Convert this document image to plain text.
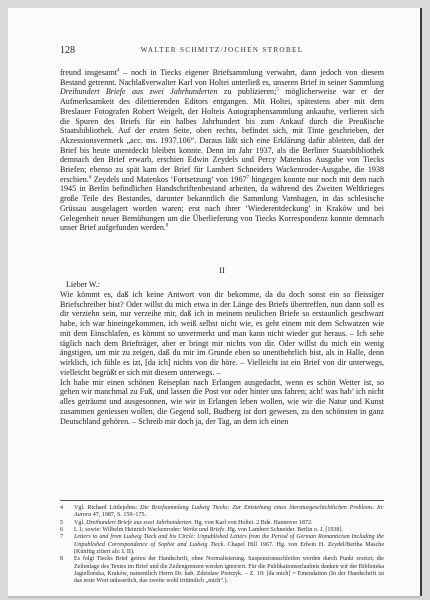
128	WALTER SCHMITZ/JOCHEN STROBEL

freund insgesamt$^4$ – noch in Tiecks eigener Briefsammlung verwahrt, dann jedoch von diesem Bestand getrennt. Nachlaßverwalter Karl von Holtei unterließ es, unseren Brief in seiner Sammlung Dreihundert Briefe aus zwei Jahrhunderten zu publizieren;$^5$ möglicherweise war er der Aufmerksamkeit des dilettierenden Editors entgangen. Mit Holtei, spätestens aber mit dem Breslauer Fotografen Robert Weigelt, der Holteis Autographensammlung ankaufte, verlieren sich die Spuren des Briefs für ein halbes Jahrhundert bis zum Ankauf durch die Preußische Staatsbibliothek. Auf der ersten Seite, oben rechts, befindet sich, mit Tinte geschrieben, der Akzessionsvermerk „acc. ms. 1937.106“. Daraus läßt sich eine Erklärung dafür ableiten, daß der Brief bis heute unentdeckt bleiben konnte. Denn im Jahr 1937, als die Berliner Staatsbibliothek demnach den Brief erwarb, erschien Edwin Zeydels und Percy Matenkos Ausgabe von Tiecks Briefen; ebenso zu spät kam der Brief für Lambert Schneiders Wackenroder-Ausgabe, die 1938 erschien.$^6$ Zeydels und Matenkos ‘Fortsetzung’ von 1967$^7$ hingegen konnte nur noch mit dem nach 1945 in Berlin befindlichen Handschriftenbestand arbeiten, da während des Zweiten Weltkrieges große Teile des Bestandes, darunter bekanntlich die Sammlung Varnhagen, in das schlesische Grüssau ausgelagert worden waren; erst nach ihrer ‘Wiederentdeckung’ in Kraków und bei Gelegenheit neuer Bemühungen um die Überlieferung von Tiecks Korrespondenz konnte demnach unser Brief aufgefunden werden.$^8$

II

Lieber W.:

Wie kömmt es, daß ich keine Antwort von dir bekomme, da du doch sonst ein so fleissiger Briefschreiber bist? Oder willst du mich etwa in der Länge des Briefs übertreffen, nun dann soll es dir verziehn sein, nur verzeihe mir, daß ich in meinem neulichen Briefe so erstaunlich geschwazt habe, ich war hineingekommen, ich weiß selbst nicht wie, es geht einem mit dem Schwatzen wie mit dem Einschlafen, es kömmt so unvermerkt und man kann nicht wieder gut heraus. – Ich sehe täglich nach dem Briefträger, aber er bringt mir nichts von dir. Oder willst du mich ein wenig ängstigen, um mir zu zeigen, daß du mir im Grunde eben so unentbehrlich bist, als in Halle, denn wirklich, ich fühle es izt, [da ich] nichts von dir höre. – Vielleicht ist ein Brief von dir unterwegs, vielleicht begrüßt er sich mit diesem unterwegs. –

Ich habe mir einen schönen Reiseplan nach Erlangen ausgedacht, wenn es schön Wetter ist, so gehen wir manchmal zu Fuß, und lassen die Post vor oder hinter uns fahren; ach! was hab’ ich nicht alles geträumt und ausgesonnen, wie wir in Erlangen leben wollen, wie wir die Natur und Kunst zusammen geniessen wollen, die Gegend soll, Budberg ist dort gewesen, zu den schönsten in ganz Deutschland gehören. – Schreib mir doch ja, der Tag, an dem ich einen

4 Vgl. Richard Littlejohns: Die Briefsammlung Ludwig Tiecks: Zur Entstehung eines literaturgeschichtlichen Problems. In: Aurora 47, 1987, S. 159–175.
5 Vgl. Dreihundert Briefe aus zwei Jahrhunderten. Hg. von Karl von Holtei. 2 Bde. Hannover 1872.
6 L 1; sowie: Wilhelm Heinrich Wackenroder: Werke und Briefe. Hg. von Lambert Schneider. Berlin o. J. [1938].
7 Letters to and from Ludwig Tieck and his Circle: Unpublished Letters from the Period of German Romanticism Including the Unpublished Correspondence of Sophie and Ludwig Tieck. Chapel Hill 1967. Hg. von Edwin H. Zeydel/Bertha Masche (Künftig zitiert als: L II).
8 Es folgt Tiecks Brief getreu der Handschrift, ohne Normalisierung. Suspensionsschleifen werden durch Punkt ersetzt; die Zeilenlage des Textes im Brief und die Zeilengrenzen werden ignoriert. Für die Publikationserlaubnis danken wir der Biblioteka Jagiellońska, Kraków, namentlich Herrn Dr. hab. Zdzisław Pietrzyk. – Z. 10: [da mich] = Emendation (In der Handschrift ist das erste Wort unleserlich, das zweite wohl irrtümlich „mich“.).
